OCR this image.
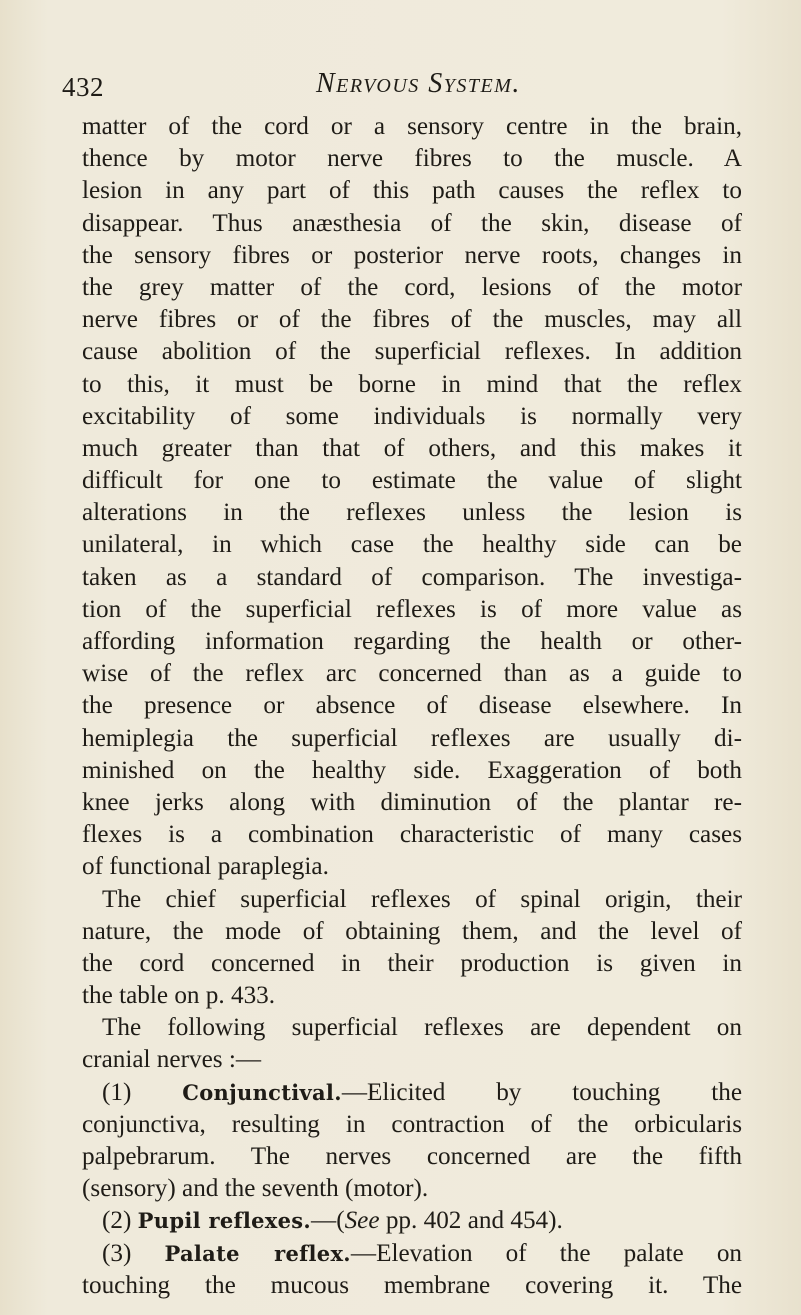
432	Nervous System.
matter of the cord or a sensory centre in the brain,
thence by motor nerve fibres to the muscle. A
lesion in any part of this path causes the reflex to
disappear. Thus anæsthesia of the skin, disease of
the sensory fibres or posterior nerve roots, changes in
the grey matter of the cord, lesions of the motor
nerve fibres or of the fibres of the muscles, may all
cause abolition of the superficial reflexes. In addition
to this, it must be borne in mind that the reflex
excitability of some individuals is normally very
much greater than that of others, and this makes it
difficult for one to estimate the value of slight
alterations in the reflexes unless the lesion is
unilateral, in which case the healthy side can be
taken as a standard of comparison. The investiga-
tion of the superficial reflexes is of more value as
affording information regarding the health or other-
wise of the reflex arc concerned than as a guide to
the presence or absence of disease elsewhere. In
hemiplegia the superficial reflexes are usually di-
minished on the healthy side. Exaggeration of both
knee jerks along with diminution of the plantar re-
flexes is a combination characteristic of many cases
of functional paraplegia.
The chief superficial reflexes of spinal origin, their
nature, the mode of obtaining them, and the level of
the cord concerned in their production is given in
the table on p. 433.
The following superficial reflexes are dependent on
cranial nerves :—
(1) Conjunctival.—Elicited by touching the
conjunctiva, resulting in contraction of the orbicularis
palpebrarum. The nerves concerned are the fifth
(sensory) and the seventh (motor).
(2) Pupil reflexes.—(See pp. 402 and 454).
(3) Palate reflex.—Elevation of the palate on
touching the mucous membrane covering it. The
